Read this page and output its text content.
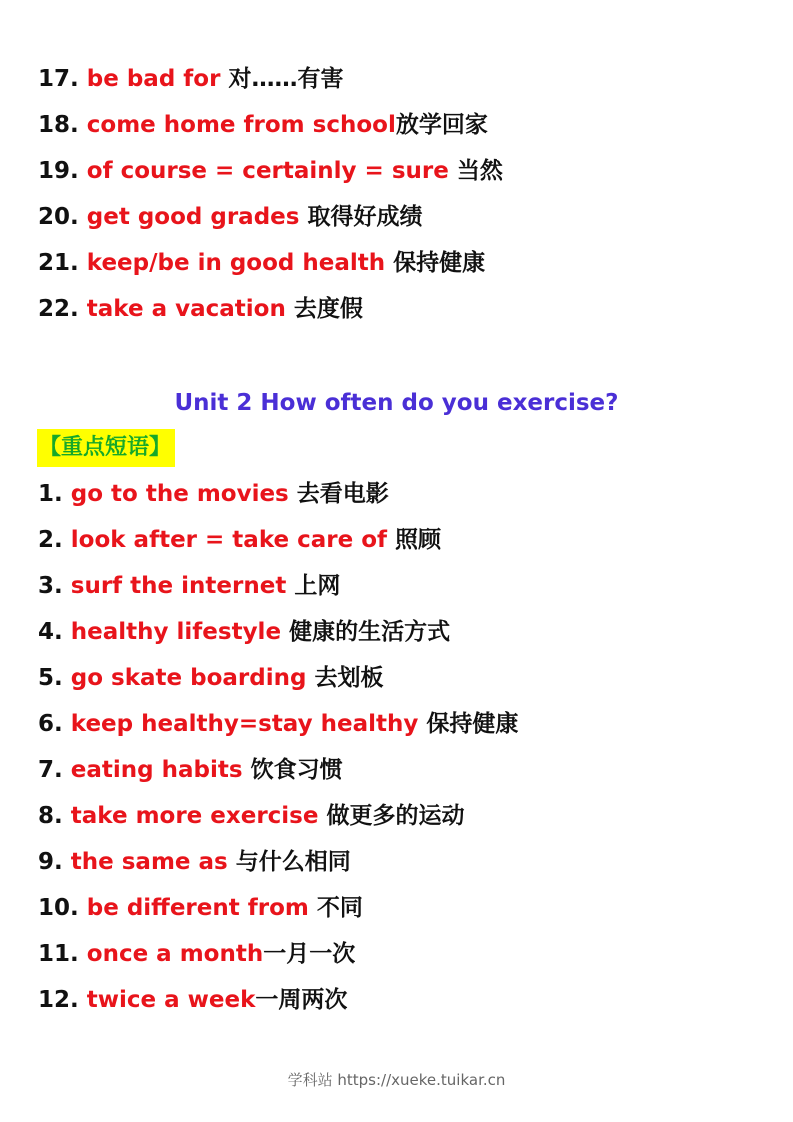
17. be bad for 对……有害
18. come home from school放学回家
19. of course = certainly = sure 当然
20. get good grades 取得好成绩
21. keep/be in good health 保持健康
22. take a vacation 去度假
Unit 2 How often do you exercise?
【重点短语】
1. go to the movies 去看电影
2. look after = take care of 照顾
3. surf the internet 上网
4. healthy lifestyle 健康的生活方式
5. go skate boarding 去划板
6. keep healthy=stay healthy 保持健康
7. eating habits 饮食习惯
8. take more exercise 做更多的运动
9. the same as 与什么相同
10. be different from 不同
11. once a month一月一次
12. twice a week一周两次
学科站 https://xueke.tuikar.cn
